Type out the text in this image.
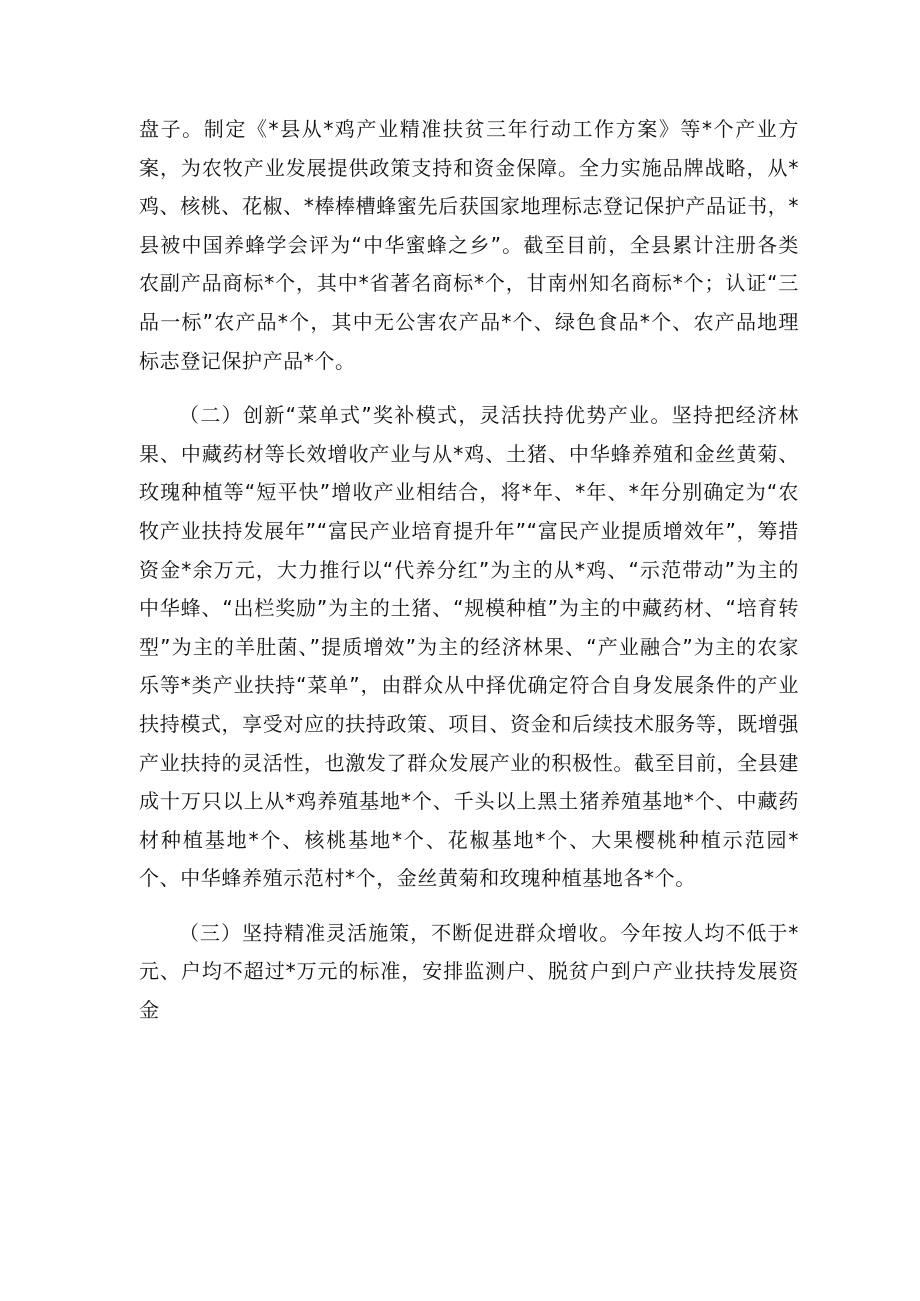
盘子。制定《*县从*鸡产业精准扶贫三年行动工作方案》等*个产业方案，为农牧产业发展提供政策支持和资金保障。全力实施品牌战略，从*鸡、核桃、花椒、*棒棒槽蜂蜜先后获国家地理标志登记保护产品证书，*县被中国养蜂学会评为“中华蜜蜂之乡”。截至目前，全县累计注册各类农副产品商标*个，其中*省著名商标*个，甘南州知名商标*个；认证“三品一标”农产品*个，其中无公害农产品*个、绿色食品*个、农产品地理标志登记保护产品*个。

（二）创新“菜单式”奖补模式，灵活扶持优势产业。坚持把经济林果、中藏药材等长效增收产业与从*鸡、土猪、中华蜂养殖和金丝黄菊、玫瑰种植等“短平快”增收产业相结合，将*年、*年、*年分别确定为“农牧产业扶持发展年”“富民产业培育提升年”“富民产业提质增效年”，筹措资金*余万元，大力推行以“代养分红”为主的从*鸡、“示范带动”为主的中华蜂、“出栏奖励”为主的土猪、“规模种植”为主的中藏药材、“培育转型”为主的羊肚菌、”提质增效”为主的经济林果、“产业融合”为主的农家乐等*类产业扶持“菜单”，由群众从中择优确定符合自身发展条件的产业扶持模式，享受对应的扶持政策、项目、资金和后续技术服务等，既增强产业扶持的灵活性，也激发了群众发展产业的积极性。截至目前，全县建成十万只以上从*鸡养殖基地*个、千头以上黑土猪养殖基地*个、中藏药材种植基地*个、核桃基地*个、花椒基地*个、大果樱桃种植示范园*个、中华蜂养殖示范村*个，金丝黄菊和玫瑰种植基地各*个。

（三）坚持精准灵活施策，不断促进群众增收。今年按人均不低于*元、户均不超过*万元的标准，安排监测户、脱贫户到户产业扶持发展资金
